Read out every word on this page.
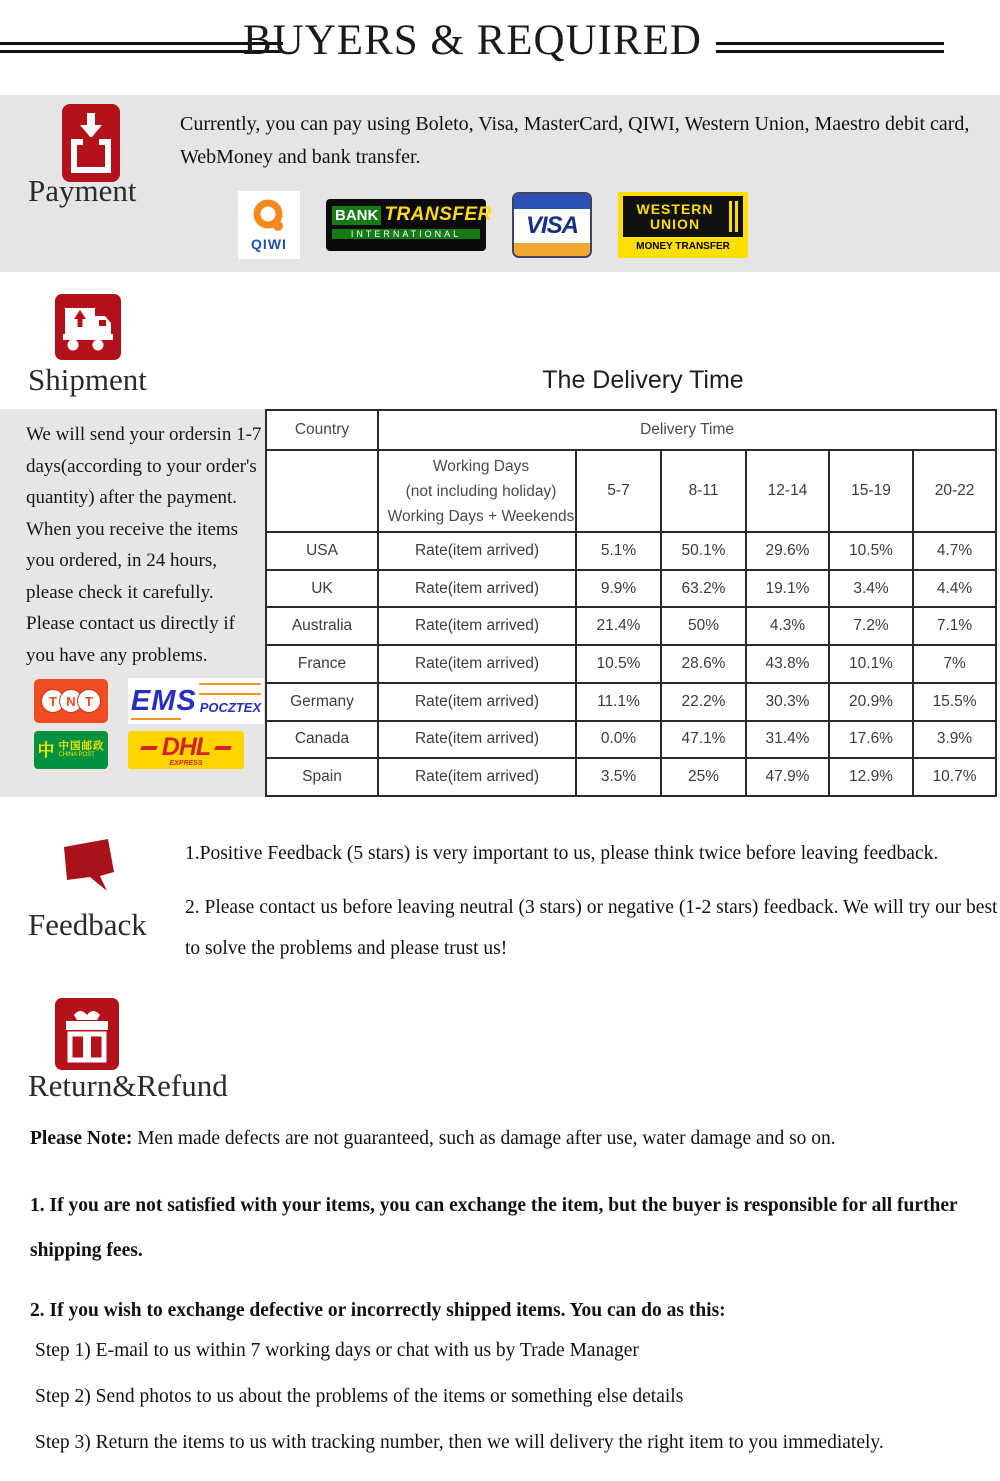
BUYERS & REQUIRED
Payment
Currently, you can pay using Boleto, Visa, MasterCard, QIWI, Western Union, Maestro debit card, WebMoney and bank transfer.
QIWI
BANK TRANSFER
INTERNATIONAL	VISA
WESTERN
UNION
MONEY TRANSFER
Shipment	The Delivery Time
We will send your ordersin 1-7 days(according to your order's quantity) after the payment. When you receive the items you ordered, in 24 hours, please check it carefully. Please contact us directly if you have any problems.
T N T EMS POCZTEX
中 中国邮政
CHINA POST	DHL
EXPRESS
Country	Delivery Time					

	Working Days
(not including holiday)
Working Days + Weekends	5-7	8-11	12-14	15-19	20-22
USA	Rate(item arrived)	5.1%	50.1%	29.6%	10.5%	4.7%
UK	Rate(item arrived)	9.9%	63.2%	19.1%	3.4%	4.4%
Australia	Rate(item arrived)	21.4%	50%	4.3%	7.2%	7.1%
France	Rate(item arrived)	10.5%	28.6%	43.8%	10.1%	7%
Germany	Rate(item arrived)	11.1%	22.2%	30.3%	20.9%	15.5%
Canada	Rate(item arrived)	0.0%	47.1%	31.4%	17.6%	3.9%
Spain	Rate(item arrived)	3.5%	25%	47.9%	12.9%	10.7%
Feedback
1.Positive Feedback (5 stars) is very important to us, please think twice before leaving feedback.
2. Please contact us before leaving neutral (3 stars) or negative (1-2 stars) feedback. We will try our best to solve the problems and please trust us!
Return&Refund
Please Note: Men made defects are not guaranteed, such as damage after use, water damage and so on.
1. If you are not satisfied with your items, you can exchange the item, but the buyer is responsible for all further shipping fees.
2. If you wish to exchange defective or incorrectly shipped items. You can do as this:
Step 1) E-mail to us within 7 working days or chat with us by Trade Manager
Step 2) Send photos to us about the problems of the items or something else details
Step 3) Return the items to us with tracking number, then we will delivery the right item to you immediately.
